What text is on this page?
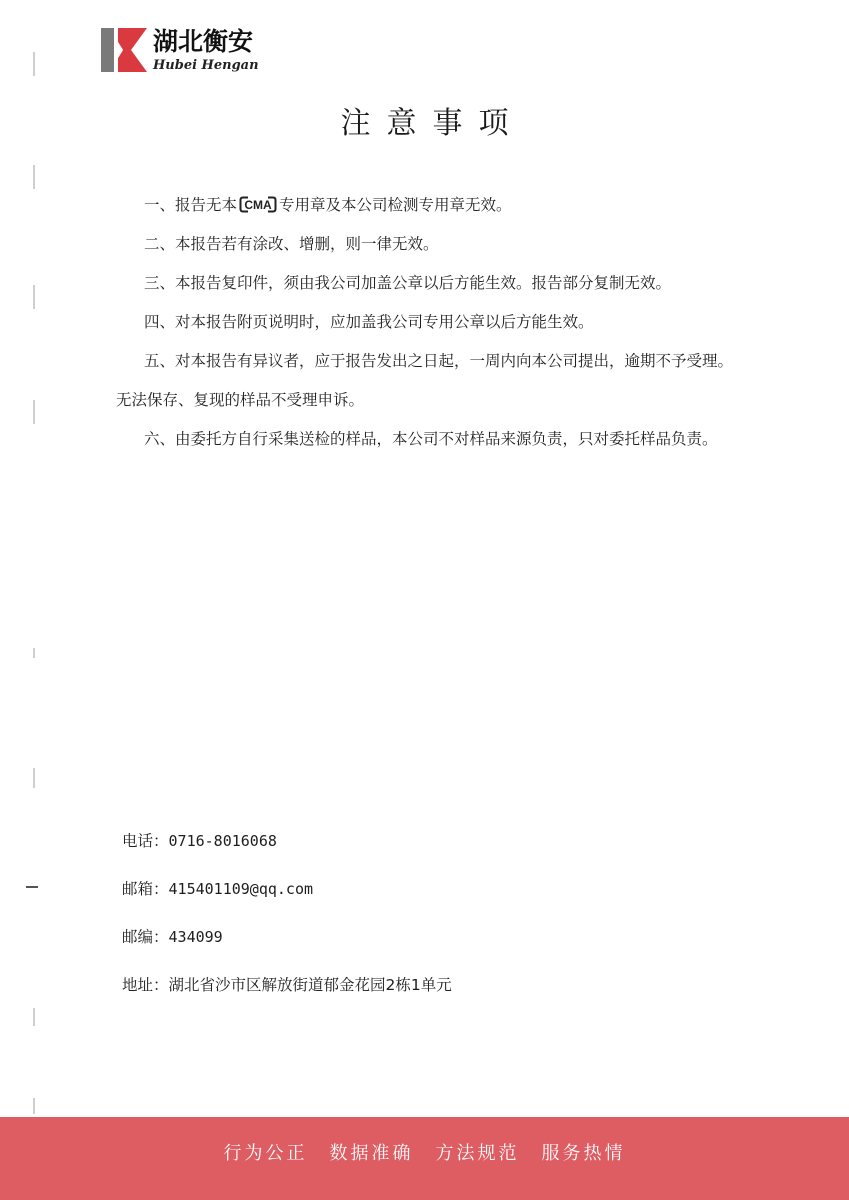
湖北衡安
Hubei Hengan
注意事项

一、报告无本 CMA 专用章及本公司检测专用章无效。

二、本报告若有涂改、增删，则一律无效。

三、本报告复印件，须由我公司加盖公章以后方能生效。报告部分复制无效。

四、对本报告附页说明时，应加盖我公司专用公章以后方能生效。

五、对本报告有异议者，应于报告发出之日起，一周内向本公司提出，逾期不予受理。

无法保存、复现的样品不受理申诉。

六、由委托方自行采集送检的样品，本公司不对样品来源负责，只对委托样品负责。

电话：0716-8016068
邮箱：415401109@qq.com
邮编：434099
地址：湖北省沙市区解放街道郁金花园2栋1单元
行为公正 数据准确 方法规范 服务热情
